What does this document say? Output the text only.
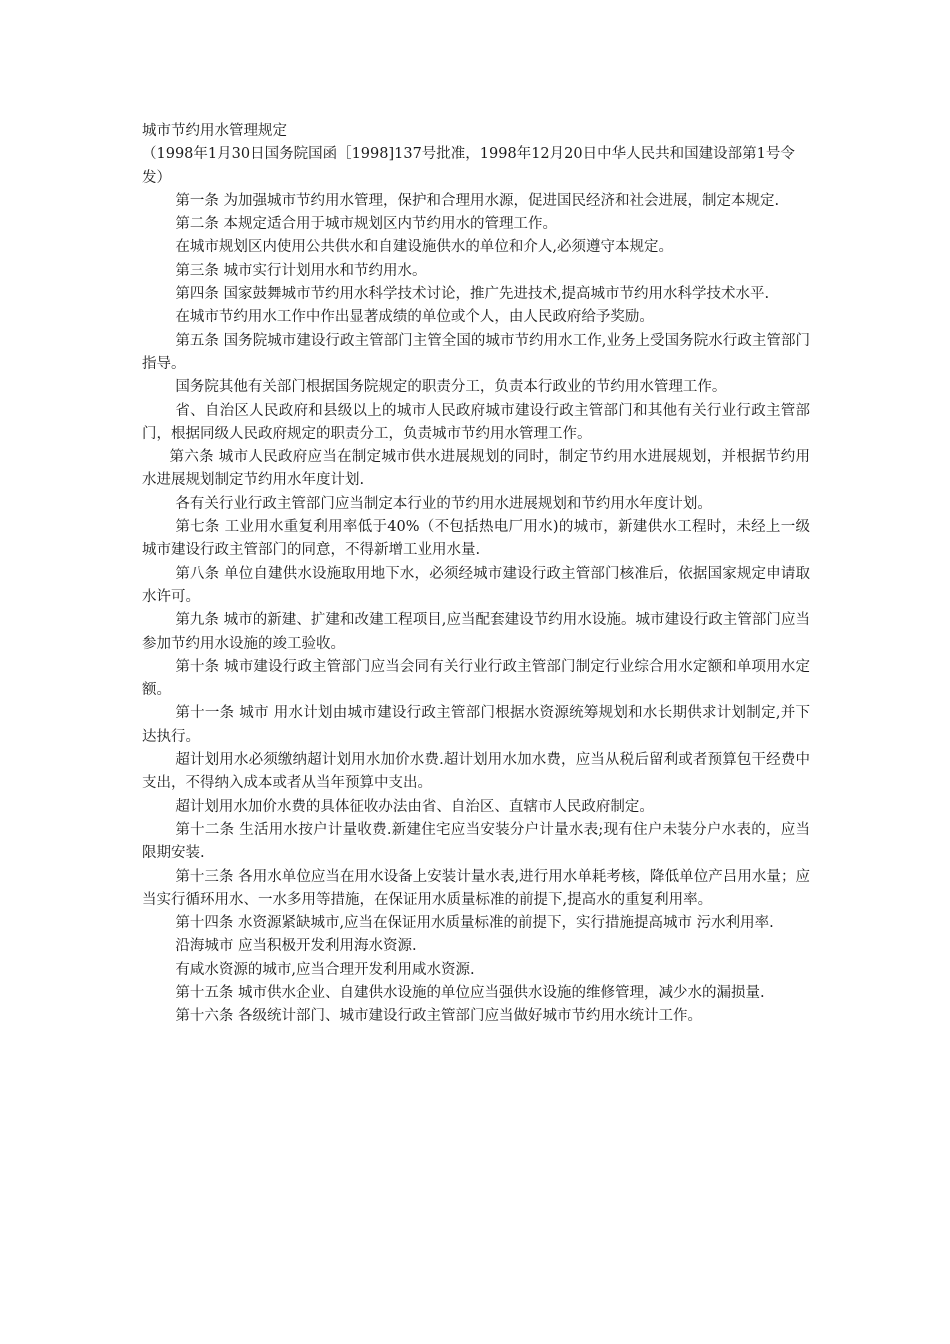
城市节约用水管理规定

（1998年1月30日国务院国函［1998]137号批准，1998年12月20日中华人民共和国建设部第1号令发）

第一条 为加强城市节约用水管理，保护和合理用水源，促进国民经济和社会进展，制定本规定.

第二条 本规定适合用于城市规划区内节约用水的管理工作。

在城市规划区内使用公共供水和自建设施供水的单位和介人,必须遵守本规定。

第三条 城市实行计划用水和节约用水。

第四条 国家鼓舞城市节约用水科学技术讨论，推广先进技术,提高城市节约用水科学技术水平.

在城市节约用水工作中作出显著成绩的单位或个人，由人民政府给予奖励。

第五条 国务院城市建设行政主管部门主管全国的城市节约用水工作,业务上受国务院水行政主管部门指导。

国务院其他有关部门根据国务院规定的职责分工，负责本行政业的节约用水管理工作。

省、自治区人民政府和县级以上的城市人民政府城市建设行政主管部门和其他有关行业行政主管部门，根据同级人民政府规定的职责分工，负责城市节约用水管理工作。

第六条 城市人民政府应当在制定城市供水进展规划的同时，制定节约用水进展规划，并根据节约用水进展规划制定节约用水年度计划.

各有关行业行政主管部门应当制定本行业的节约用水进展规划和节约用水年度计划。

第七条 工业用水重复利用率低于40%（不包括热电厂用水)的城市，新建供水工程时，未经上一级城市建设行政主管部门的同意，不得新增工业用水量.

第八条 单位自建供水设施取用地下水，必须经城市建设行政主管部门核准后，依据国家规定申请取水许可。

第九条 城市的新建、扩建和改建工程项目,应当配套建设节约用水设施。城市建设行政主管部门应当参加节约用水设施的竣工验收。

第十条 城市建设行政主管部门应当会同有关行业行政主管部门制定行业综合用水定额和单项用水定额。

第十一条 城市 用水计划由城市建设行政主管部门根据水资源统筹规划和水长期供求计划制定,并下达执行。

超计划用水必须缴纳超计划用水加价水费.超计划用水加水费，应当从税后留利或者预算包干经费中支出，不得纳入成本或者从当年预算中支出。

超计划用水加价水费的具体征收办法由省、自治区、直辖市人民政府制定。

第十二条 生活用水按户计量收费.新建住宅应当安装分户计量水表;现有住户未装分户水表的，应当限期安装.

第十三条 各用水单位应当在用水设备上安装计量水表,进行用水单耗考核，降低单位产吕用水量；应当实行循环用水、一水多用等措施，在保证用水质量标准的前提下,提高水的重复利用率。

第十四条 水资源紧缺城市,应当在保证用水质量标准的前提下，实行措施提高城市 污水利用率.

沿海城市 应当积极开发利用海水资源.

有咸水资源的城市,应当合理开发利用咸水资源.

第十五条 城市供水企业、自建供水设施的单位应当强供水设施的维修管理，减少水的漏损量.

第十六条 各级统计部门、城市建设行政主管部门应当做好城市节约用水统计工作。
